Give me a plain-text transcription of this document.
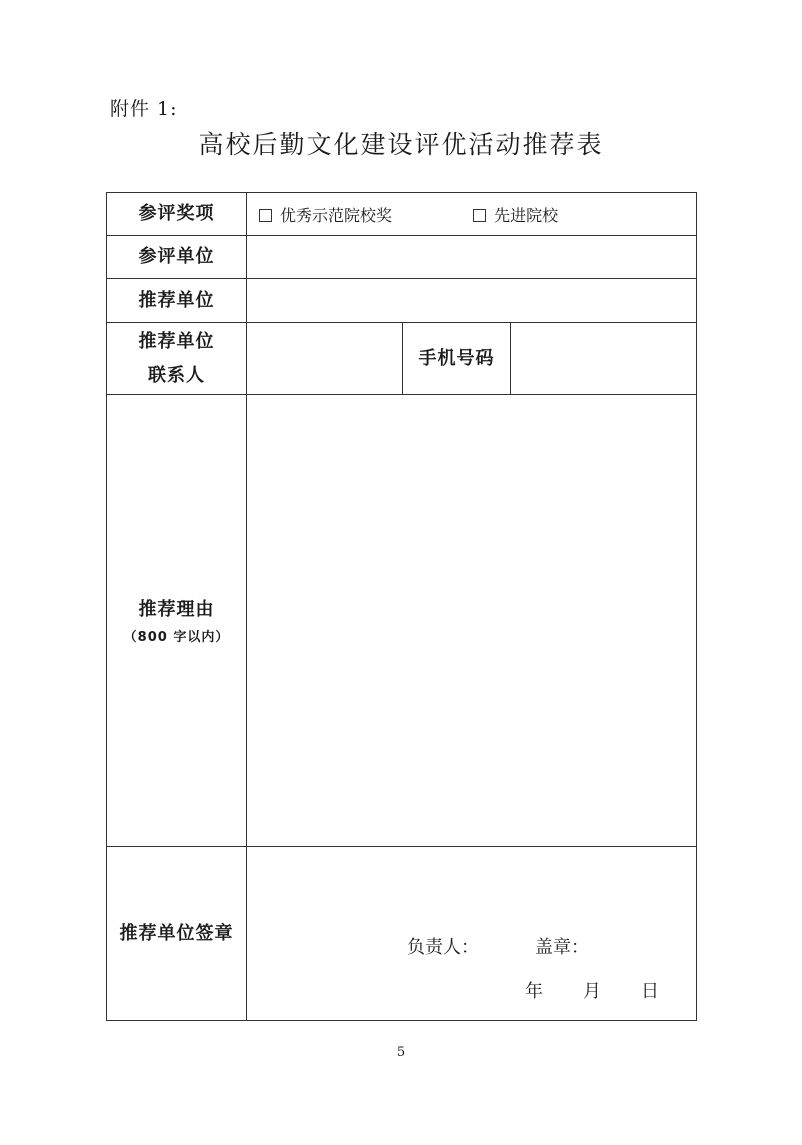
附件 1:
高校后勤文化建设评优活动推荐表
参评奖项	优秀示范院校奖 先进院校		
参评单位			
推荐单位			

推荐单位
联系人		手机号码	

推荐理由
（800 字以内）			

推荐单位签章	负责人： 盖章：
年 月 日		
5
